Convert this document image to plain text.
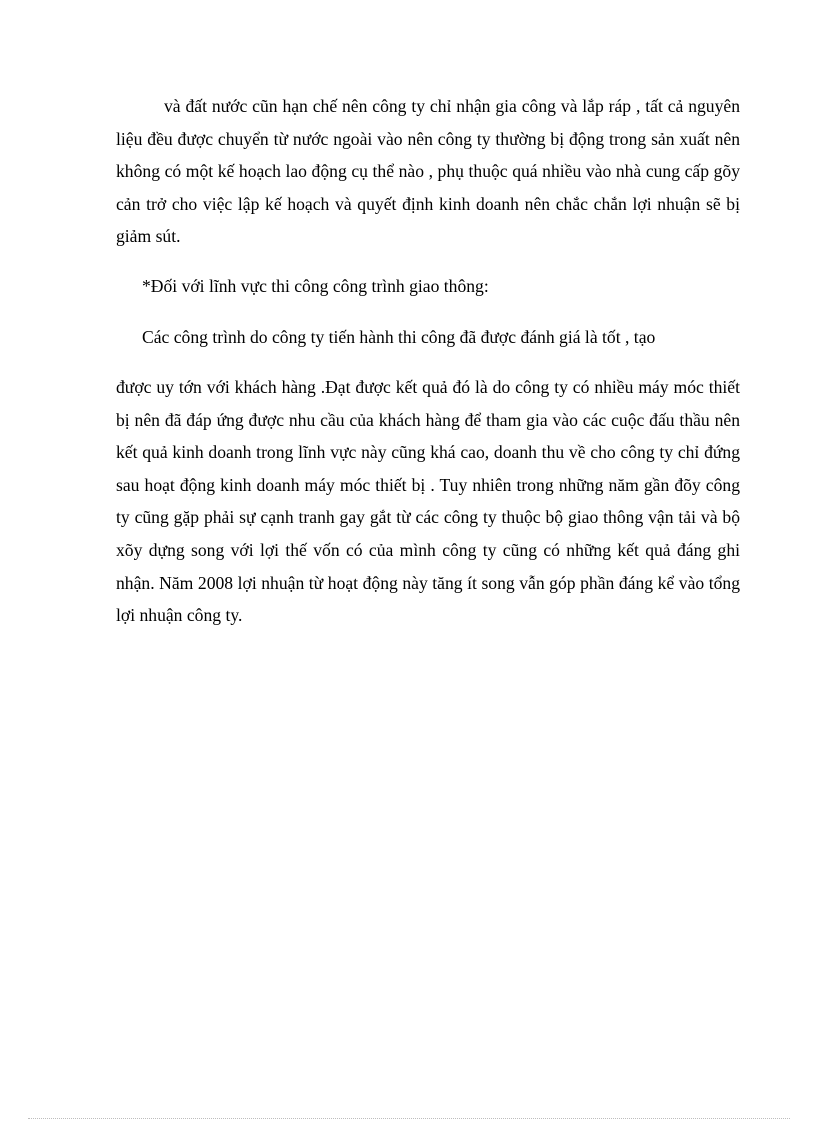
và đất nước cũn hạn chế nên công ty chỉ nhận gia công và lắp ráp , tất cả nguyên liệu đều được chuyển từ nước ngoài vào nên công ty thường bị động trong sản xuất nên không có một kế hoạch lao động cụ thể nào , phụ thuộc quá nhiều vào nhà cung cấp gõy cản trở cho việc lập kế hoạch và quyết định kinh doanh nên chắc chắn lợi nhuận sẽ bị giảm sút.

*Đối với lĩnh vực thi công công trình giao thông:

Các công trình do công ty tiến hành thi công đã được đánh giá là tốt , tạo

được uy tớn với khách hàng .Đạt được kết quả đó là do công ty có nhiều máy móc thiết bị nên đã đáp ứng được nhu cầu của khách hàng để tham gia vào các cuộc đấu thầu nên kết quả kinh doanh trong lĩnh vực này cũng khá cao, doanh thu về cho công ty chỉ đứng sau hoạt động kinh doanh máy móc thiết bị . Tuy nhiên trong những năm gần đõy công ty cũng gặp phải sự cạnh tranh gay gắt từ các công ty thuộc bộ giao thông vận tải và bộ xõy dựng song với lợi thế vốn có của mình công ty cũng có những kết quả đáng ghi nhận. Năm 2008 lợi nhuận từ hoạt động này tăng ít song vẫn góp phần đáng kể vào tổng lợi nhuận công ty.
